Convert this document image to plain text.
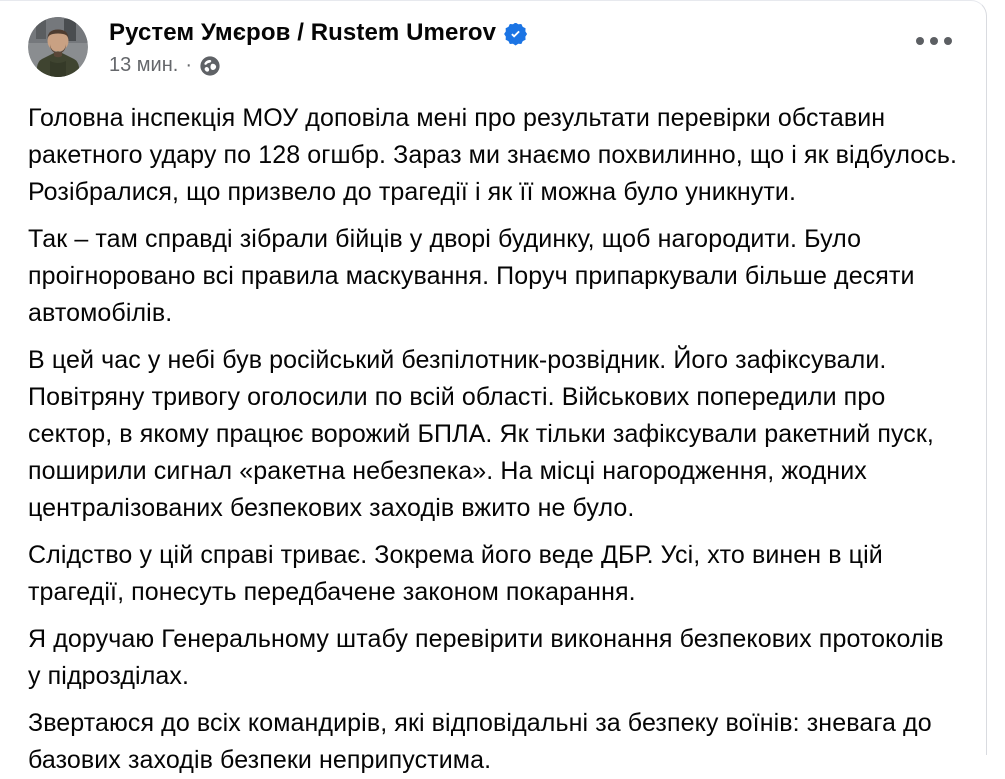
Рустем Умєров / Rustem Umerov
13 мин. ·

Головна інспекція МОУ доповіла мені про результати перевірки обставин ракетного удару по 128 огшбр. Зараз ми знаємо похвилинно, що і як відбулось. Розібралися, що призвело до трагедії і як її можна було уникнути.

Так – там справді зібрали бійців у дворі будинку, щоб нагородити. Було проігноровано всі правила маскування. Поруч припаркували більше десяти автомобілів.

В цей час у небі був російський безпілотник-розвідник. Його зафіксували. Повітряну тривогу оголосили по всій області. Військових попередили про сектор, в якому працює ворожий БПЛА. Як тільки зафіксували ракетний пуск, поширили сигнал «ракетна небезпека». На місці нагородження, жодних централізованих безпекових заходів вжито не було.

Слідство у цій справі триває. Зокрема його веде ДБР. Усі, хто винен в цій трагедії, понесуть передбачене законом покарання.

Я доручаю Генеральному штабу перевірити виконання безпекових протоколів у підрозділах.

Звертаюся до всіх командирів, які відповідальні за безпеку воїнів: зневага до базових заходів безпеки неприпустима.
